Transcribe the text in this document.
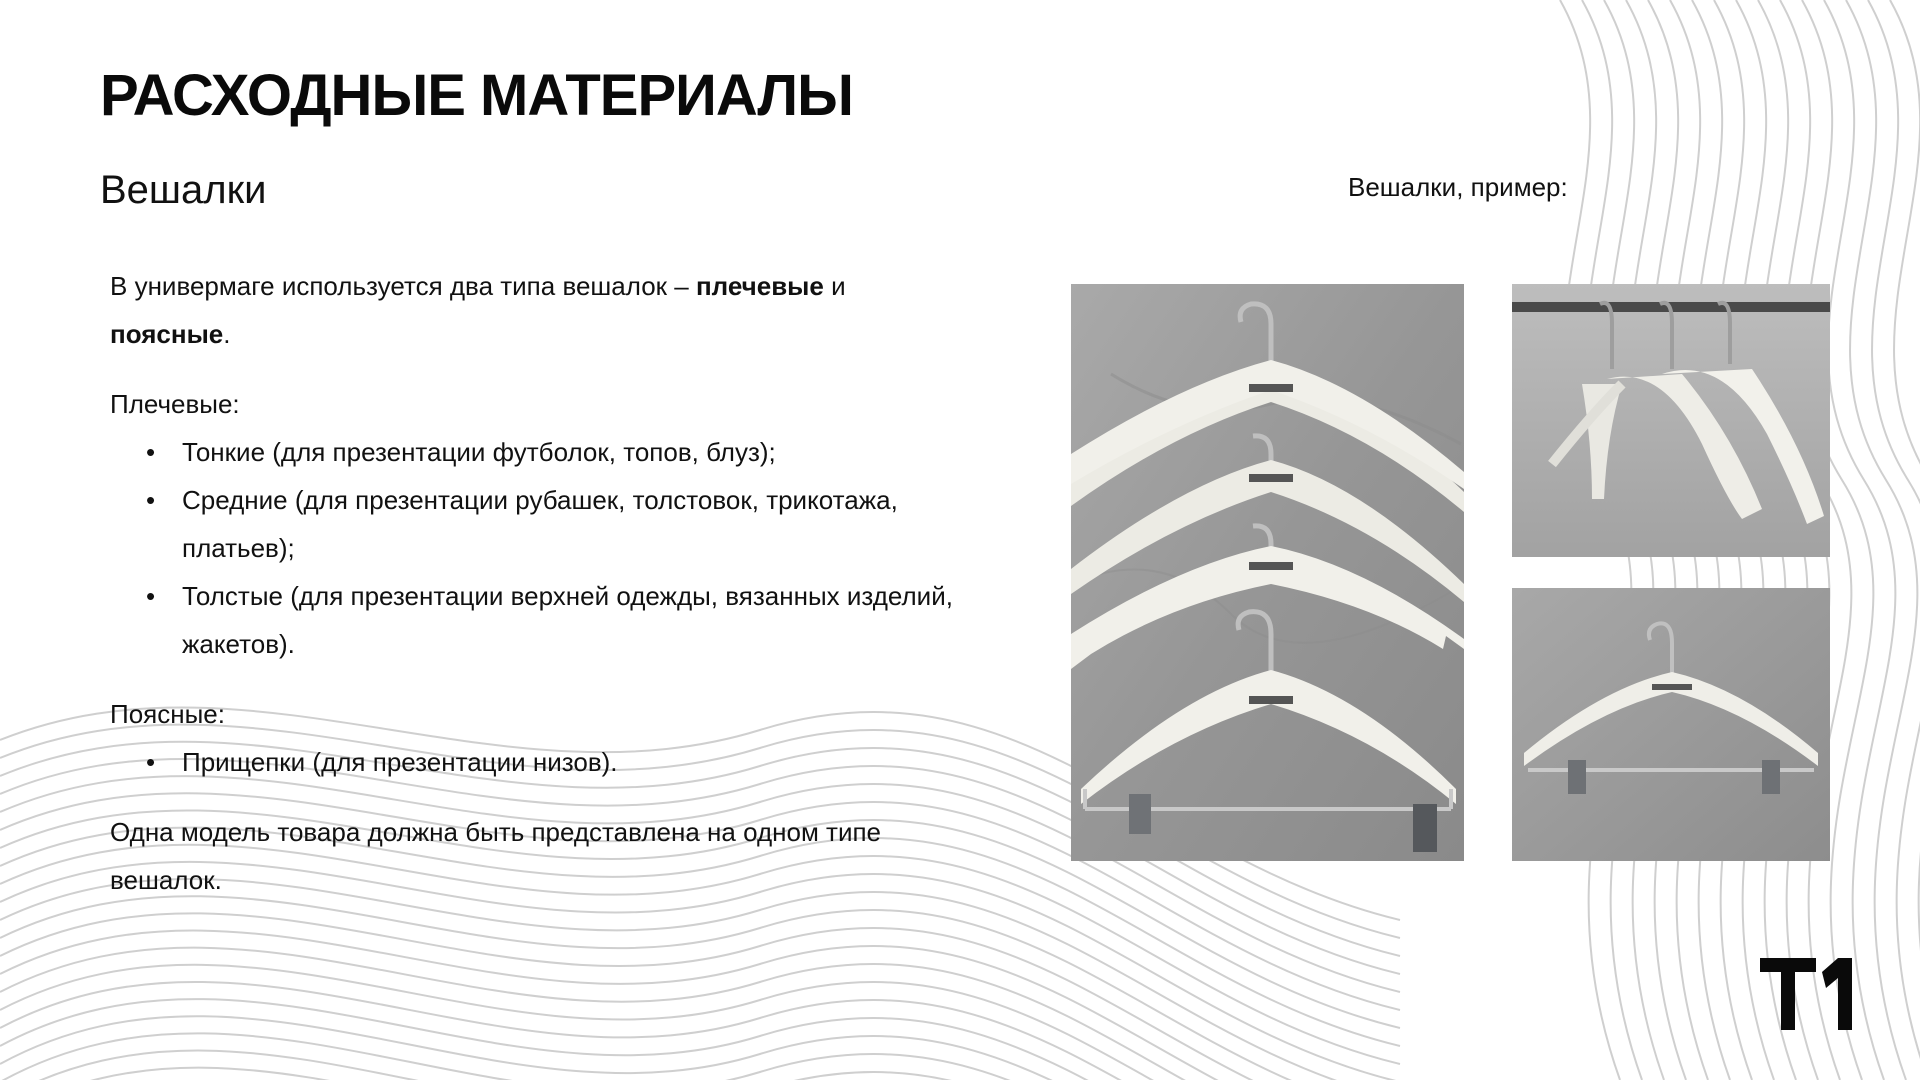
РАСХОДНЫЕ МАТЕРИАЛЫ
Вешалки	Вешалки, пример:

В универмаге используется два типа вешалок – плечевые и поясные.

Плечевые:

• Тонкие (для презентации футболок, топов, блуз);
• Средние (для презентации рубашек, толстовок, трикотажа, платьев);
• Толстые (для презентации верхней одежды, вязанных изделий, жакетов).

Поясные:

• Прищепки (для презентации низов).

Одна модель товара должна быть представлена на одном типе вешалок.
